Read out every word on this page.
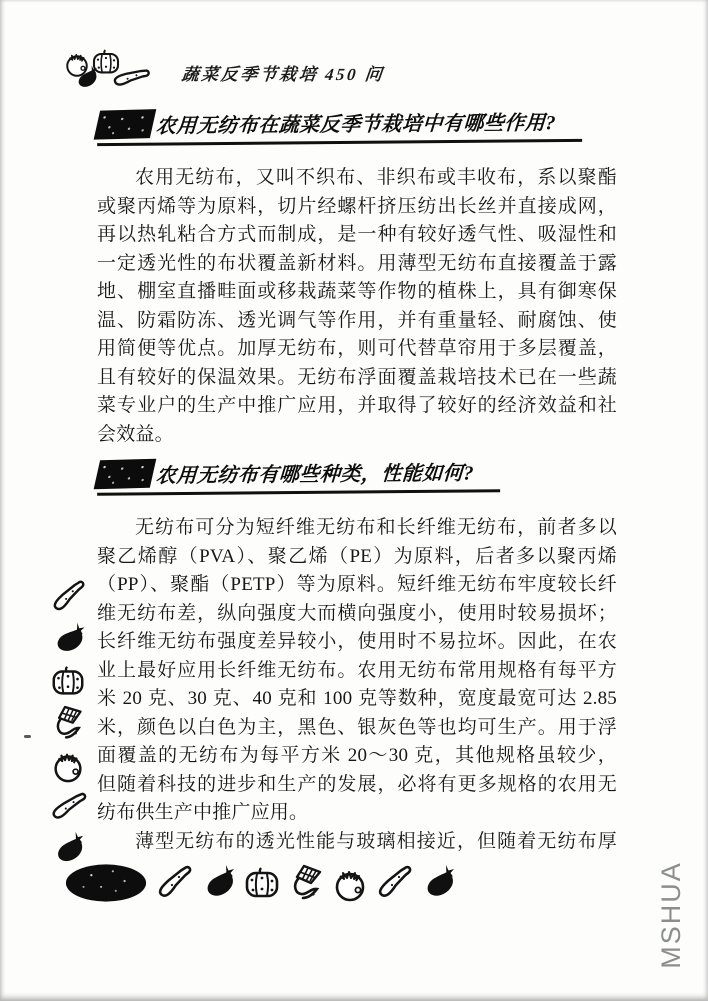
蔬菜反季节栽培 450 问
农用无纺布在蔬菜反季节栽培中有哪些作用?
农用无纺布，又叫不织布、非织布或丰收布，系以聚酯
或聚丙烯等为原料，切片经螺杆挤压纺出长丝并直接成网，
再以热轧粘合方式而制成，是一种有较好透气性、吸湿性和
一定透光性的布状覆盖新材料。用薄型无纺布直接覆盖于露
地、棚室直播畦面或移栽蔬菜等作物的植株上，具有御寒保
温、防霜防冻、透光调气等作用，并有重量轻、耐腐蚀、使
用简便等优点。加厚无纺布，则可代替草帘用于多层覆盖，
且有较好的保温效果。无纺布浮面覆盖栽培技术已在一些蔬
菜专业户的生产中推广应用，并取得了较好的经济效益和社
会效益。
农用无纺布有哪些种类，性能如何?
无纺布可分为短纤维无纺布和长纤维无纺布，前者多以
聚乙烯醇（PVA）、聚乙烯（PE）为原料，后者多以聚丙烯
（PP）、聚酯（PETP）等为原料。短纤维无纺布牢度较长纤
维无纺布差，纵向强度大而横向强度小，使用时较易损坏；
长纤维无纺布强度差异较小，使用时不易拉坏。因此，在农
业上最好应用长纤维无纺布。农用无纺布常用规格有每平方
米 20 克、30 克、40 克和 100 克等数种，宽度最宽可达 2.85
米，颜色以白色为主，黑色、银灰色等也均可生产。用于浮
面覆盖的无纺布为每平方米 20～30 克，其他规格虽较少，
但随着科技的进步和生产的发展，必将有更多规格的农用无
纺布供生产中推广应用。
薄型无纺布的透光性能与玻璃相接近，但随着无纺布厚
MSHUA
